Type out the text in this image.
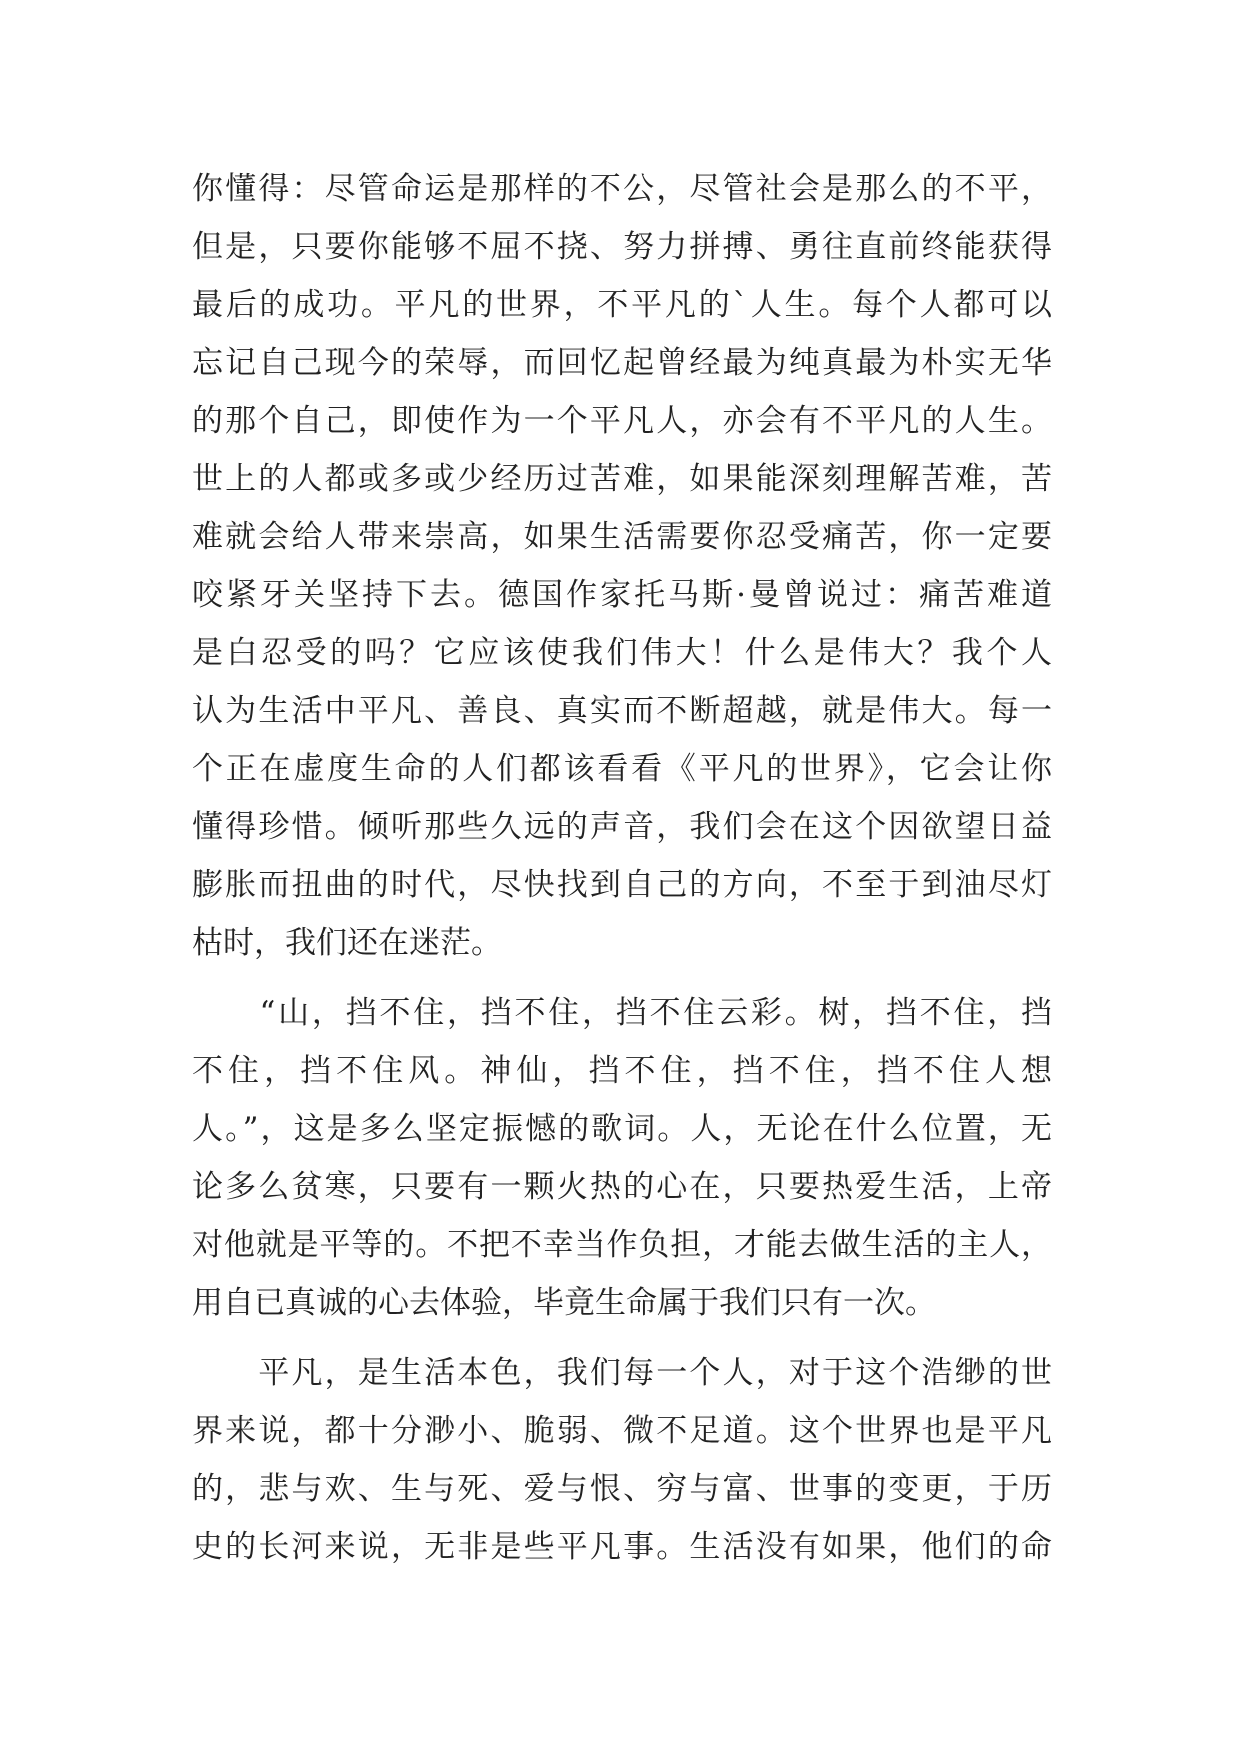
你懂得：尽管命运是那样的不公，尽管社会是那么的不平，
但是，只要你能够不屈不挠、努力拼搏、勇往直前终能获得
最后的成功。平凡的世界，不平凡的`人生。每个人都可以
忘记自己现今的荣辱，而回忆起曾经最为纯真最为朴实无华
的那个自己，即使作为一个平凡人，亦会有不平凡的人生。
世上的人都或多或少经历过苦难，如果能深刻理解苦难，苦
难就会给人带来崇高，如果生活需要你忍受痛苦，你一定要
咬紧牙关坚持下去。德国作家托马斯·曼曾说过：痛苦难道
是白忍受的吗？它应该使我们伟大！什么是伟大？我个人
认为生活中平凡、善良、真实而不断超越，就是伟大。每一
个正在虚度生命的人们都该看看《平凡的世界》，它会让你
懂得珍惜。倾听那些久远的声音，我们会在这个因欲望日益
膨胀而扭曲的时代，尽快找到自己的方向，不至于到油尽灯
枯时，我们还在迷茫。
　　“山，挡不住，挡不住，挡不住云彩。树，挡不住，挡
不住，挡不住风。神仙，挡不住，挡不住，挡不住人想
人。”，这是多么坚定振憾的歌词。人，无论在什么位置，无
论多么贫寒，只要有一颗火热的心在，只要热爱生活，上帝
对他就是平等的。不把不幸当作负担，才能去做生活的主人，
用自已真诚的心去体验，毕竟生命属于我们只有一次。
　　平凡，是生活本色，我们每一个人，对于这个浩缈的世
界来说，都十分渺小、脆弱、微不足道。这个世界也是平凡
的，悲与欢、生与死、爱与恨、穷与富、世事的变更，于历
史的长河来说，无非是些平凡事。生活没有如果，他们的命
